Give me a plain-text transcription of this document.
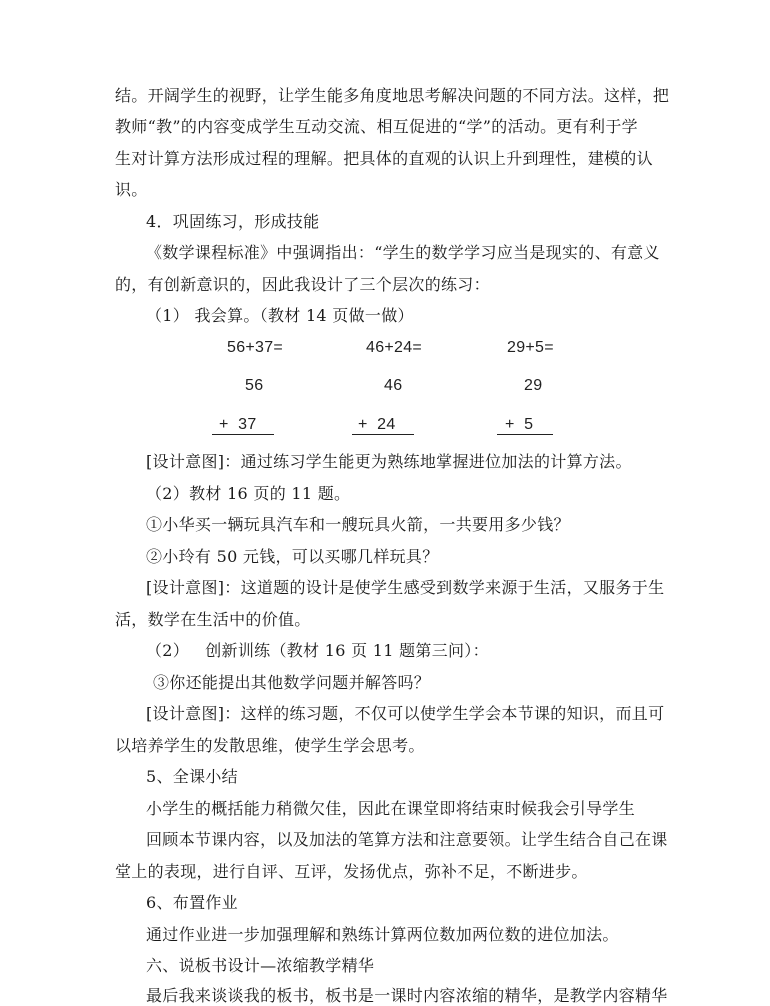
结。开阔学生的视野，让学生能多角度地思考解决问题的不同方法。这样，把
教师“教”的内容变成学生互动交流、相互促进的“学”的活动。更有利于学
生对计算方法形成过程的理解。把具体的直观的认识上升到理性，建模的认
识。
4．巩固练习，形成技能
《数学课程标准》中强调指出：“学生的数学学习应当是现实的、有意义
的，有创新意识的，因此我设计了三个层次的练习：
（1） 我会算。（教材 14 页做一做）
56+37=	46+24=	29+5=
56	46	29
+  37	+  24	+  5
[设计意图]：通过练习学生能更为熟练地掌握进位加法的计算方法。
（2）教材 16 页的 11 题。
①小华买一辆玩具汽车和一艘玩具火箭，一共要用多少钱？
②小玲有 50 元钱，可以买哪几样玩具？
[设计意图]：这道题的设计是使学生感受到数学来源于生活，又服务于生
活，数学在生活中的价值。
（2）   创新训练（教材 16 页 11 题第三问）：
③你还能提出其他数学问题并解答吗？
[设计意图]：这样的练习题，不仅可以使学生学会本节课的知识，而且可
以培养学生的发散思维，使学生学会思考。
5、全课小结
小学生的概括能力稍微欠佳，因此在课堂即将结束时候我会引导学生
回顾本节课内容，以及加法的笔算方法和注意要领。让学生结合自己在课
堂上的表现，进行自评、互评，发扬优点，弥补不足，不断进步。
6、布置作业
通过作业进一步加强理解和熟练计算两位数加两位数的进位加法。
六、说板书设计—浓缩教学精华
最后我来谈谈我的板书，板书是一课时内容浓缩的精华，是教学内容精华
